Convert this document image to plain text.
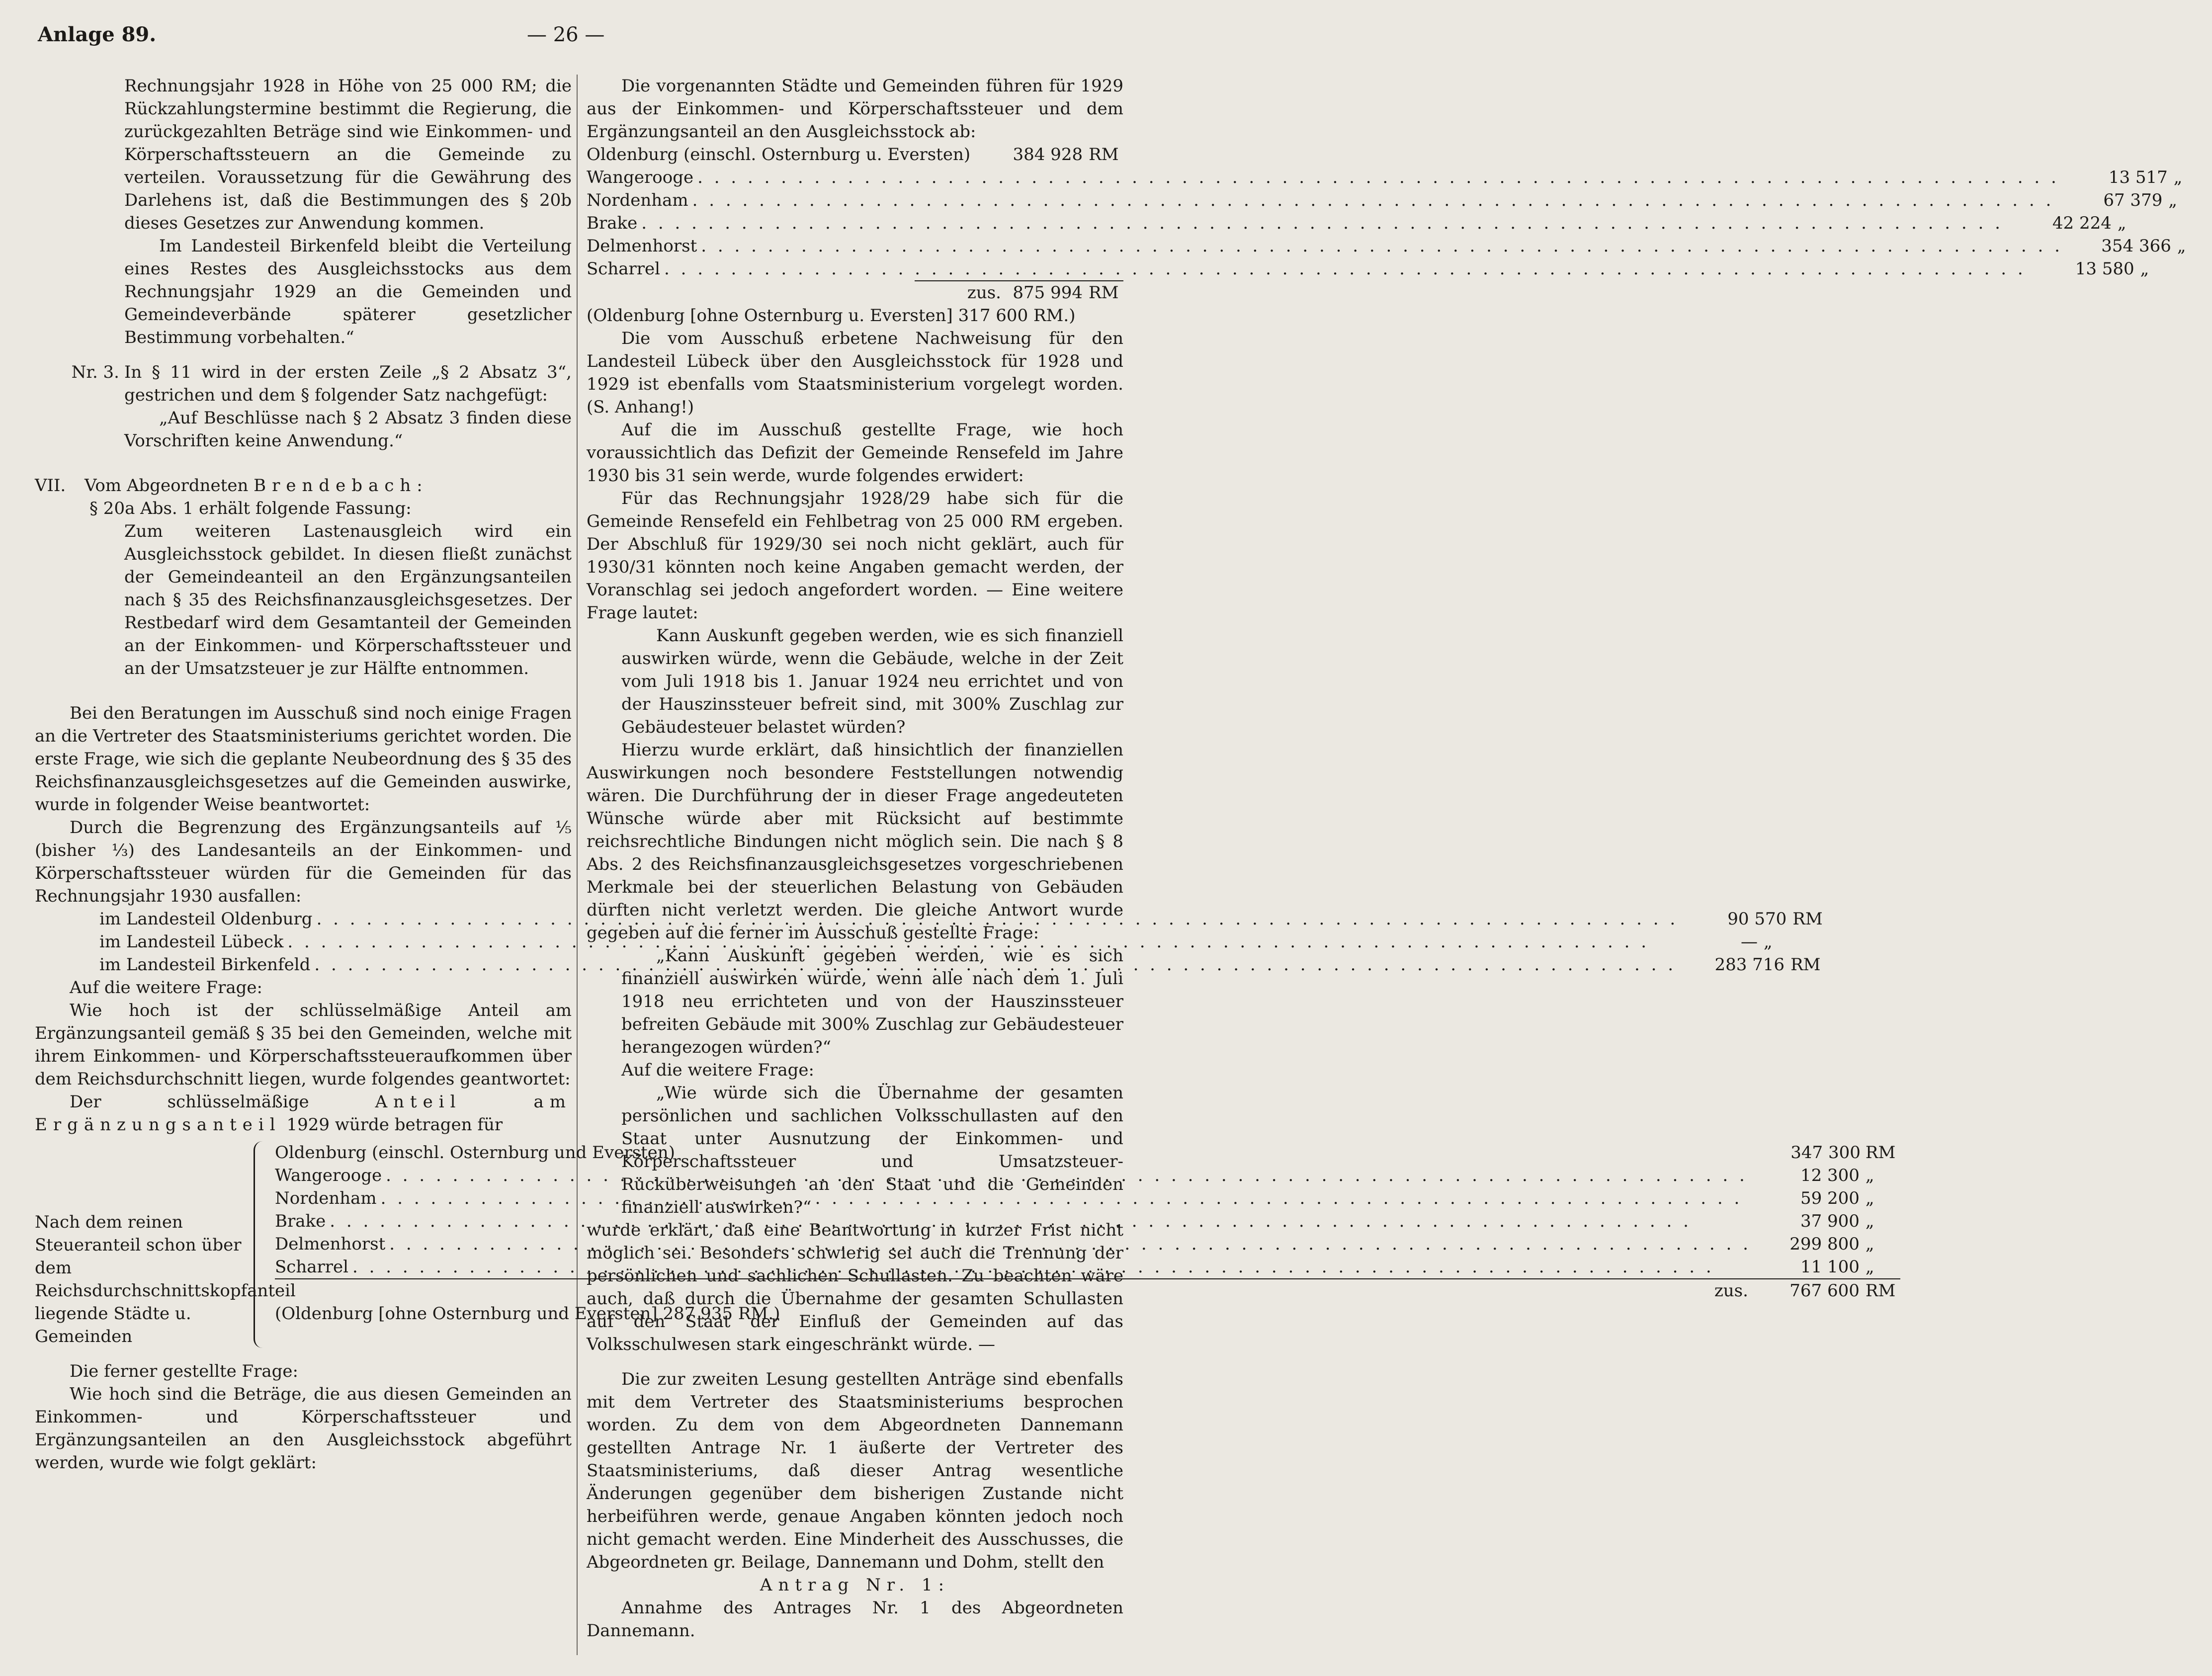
Anlage 89.	— 26 —

Rechnungsjahr 1928 in Höhe von 25 000 RM; die Rückzahlungstermine bestimmt die Regierung, die zurückgezahlten Beträge sind wie Einkommen- und Körperschaftssteuern an die Gemeinde zu verteilen. Voraussetzung für die Gewährung des Darlehens ist, daß die Bestimmungen des § 20b dieses Gesetzes zur Anwendung kommen.

Im Landesteil Birkenfeld bleibt die Verteilung eines Restes des Ausgleichsstocks aus dem Rechnungsjahr 1929 an die Gemeinden und Gemeindeverbände späterer gesetzlicher Bestimmung vorbehalten.“

Nr. 3. In § 11 wird in der ersten Zeile „§ 2 Absatz 3“, gestrichen und dem § folgender Satz nachgefügt:

„Auf Beschlüsse nach § 2 Absatz 3 finden diese Vorschriften keine Anwendung.“

VII.	Vom Abgeordneten Brendebach:

§ 20a Abs. 1 erhält folgende Fassung:

Zum weiteren Lastenausgleich wird ein Ausgleichsstock gebildet. In diesen fließt zunächst der Gemeindeanteil an den Ergänzungsanteilen nach § 35 des Reichsfinanzausgleichsgesetzes. Der Restbedarf wird dem Gesamtanteil der Gemeinden an der Einkommen- und Körperschaftssteuer und an der Umsatzsteuer je zur Hälfte entnommen.

Bei den Beratungen im Ausschuß sind noch einige Fragen an die Vertreter des Staatsministeriums gerichtet worden. Die erste Frage, wie sich die geplante Neubeordnung des § 35 des Reichsfinanzausgleichsgesetzes auf die Gemeinden auswirke, wurde in folgender Weise beantwortet:

Durch die Begrenzung des Ergänzungsanteils auf ⅕ (bisher ⅓) des Landesanteils an der Einkommen- und Körperschaftssteuer würden für die Gemeinden für das Rechnungsjahr 1930 ausfallen:

im Landesteil Oldenburg . . .	90 570 RM
im Landesteil Lübeck . . .	— „
im Landesteil Birkenfeld . . .	283 716 RM

Auf die weitere Frage:

Wie hoch ist der schlüsselmäßige Anteil am Ergänzungsanteil gemäß § 35 bei den Gemeinden, welche mit ihrem Einkommen- und Körperschaftssteueraufkommen über dem Reichsdurchschnitt liegen, wurde folgendes geantwortet:

Der schlüsselmäßige	Anteil am Ergänzungsanteil 1929 würde betragen für

Nach dem reinen Steueranteil schon über dem Reichsdurchschnittskopfanteil liegende Städte u. Gemeinden
Oldenburg (einschl. Osternburg und Eversten)	347 300 RM
Wangerooge . . .	12 300 „
Nordenham . . .	59 200 „
Brake . . .	37 900 „
Delmenhorst . . .	299 800 „
Scharrel . . .	11 100 „
zus.	767 600 RM
(Oldenburg [ohne Osternburg und Eversten] 287 935 RM.)

Die ferner gestellte Frage:

Wie hoch sind die Beträge, die aus diesen Gemeinden an Einkommen- und Körperschaftssteuer und Ergänzungsanteilen an den Ausgleichsstock abgeführt werden, wurde wie folgt geklärt:

Die vorgenannten Städte und Gemeinden führen für 1929 aus der Einkommen- und Körperschaftssteuer und dem Ergänzungsanteil an den Ausgleichsstock ab:

Oldenburg (einschl. Osternburg u. Eversten)	384 928 RM
Wangerooge . . .	13 517 „
Nordenham . . .	67 379 „
Brake . . .	42 224 „
Delmenhorst . . .	354 366 „
Scharrel . . .	13 580 „
zus. 875 994 RM
(Oldenburg [ohne Osternburg u. Eversten] 317 600 RM.)

Die vom Ausschuß erbetene Nachweisung für den Landesteil Lübeck über den Ausgleichsstock für 1928 und 1929 ist ebenfalls vom Staatsministerium vorgelegt worden. (S. Anhang!)

Auf die im Ausschuß gestellte Frage, wie hoch voraussichtlich das Defizit der Gemeinde Rensefeld im Jahre 1930 bis 31 sein werde, wurde folgendes erwidert:

Für das Rechnungsjahr 1928/29 habe sich für die Gemeinde Rensefeld ein Fehlbetrag von 25 000 RM ergeben. Der Abschluß für 1929/30 sei noch nicht geklärt, auch für 1930/31 könnten noch keine Angaben gemacht werden, der Voranschlag sei jedoch angefordert worden. — Eine weitere Frage lautet:

Kann Auskunft gegeben werden, wie es sich finanziell auswirken würde, wenn die Gebäude, welche in der Zeit vom Juli 1918 bis 1. Januar 1924 neu errichtet und von der Hauszinssteuer befreit sind, mit 300% Zuschlag zur Gebäudesteuer belastet würden?

Hierzu wurde erklärt, daß hinsichtlich der finanziellen Auswirkungen noch besondere Feststellungen notwendig wären. Die Durchführung der in dieser Frage angedeuteten Wünsche würde aber mit Rücksicht auf bestimmte reichsrechtliche Bindungen nicht möglich sein. Die nach § 8 Abs. 2 des Reichsfinanzausgleichsgesetzes vorgeschriebenen Merkmale bei der steuerlichen Belastung von Gebäuden dürften nicht verletzt werden. Die gleiche Antwort wurde gegeben auf die ferner im Ausschuß gestellte Frage:

„Kann Auskunft gegeben werden, wie es sich finanziell auswirken würde, wenn alle nach dem 1. Juli 1918 neu errichteten und von der Hauszinssteuer befreiten Gebäude mit 300% Zuschlag zur Gebäudesteuer herangezogen würden?“

Auf die weitere Frage:

„Wie würde sich die Übernahme der gesamten persönlichen und sachlichen Volksschullasten auf den Staat unter Ausnutzung der Einkommen- und Körperschaftssteuer und Umsatzsteuer-Rücküberweisungen an den Staat und die Gemeinden finanziell auswirken?“

wurde erklärt, daß eine Beantwortung in kurzer Frist nicht möglich sei. Besonders schwierig sei auch die Trennung der persönlichen und sachlichen Schullasten. Zu beachten wäre auch, daß durch die Übernahme der gesamten Schullasten auf den Staat der Einfluß der Gemeinden auf das Volksschulwesen stark eingeschränkt würde. —

Die zur zweiten Lesung gestellten Anträge sind ebenfalls mit dem Vertreter des Staatsministeriums besprochen worden. Zu dem von dem Abgeordneten Dannemann gestellten Antrage Nr. 1 äußerte der Vertreter des Staatsministeriums, daß dieser Antrag wesentliche Änderungen gegenüber dem bisherigen Zustande nicht herbeiführen werde, genaue Angaben könnten jedoch noch nicht gemacht werden. Eine Minderheit des Ausschusses, die Abgeordneten gr. Beilage, Dannemann und Dohm, stellt den

Antrag Nr. 1:

Annahme des Antrages Nr. 1 des Abgeordneten Dannemann.
